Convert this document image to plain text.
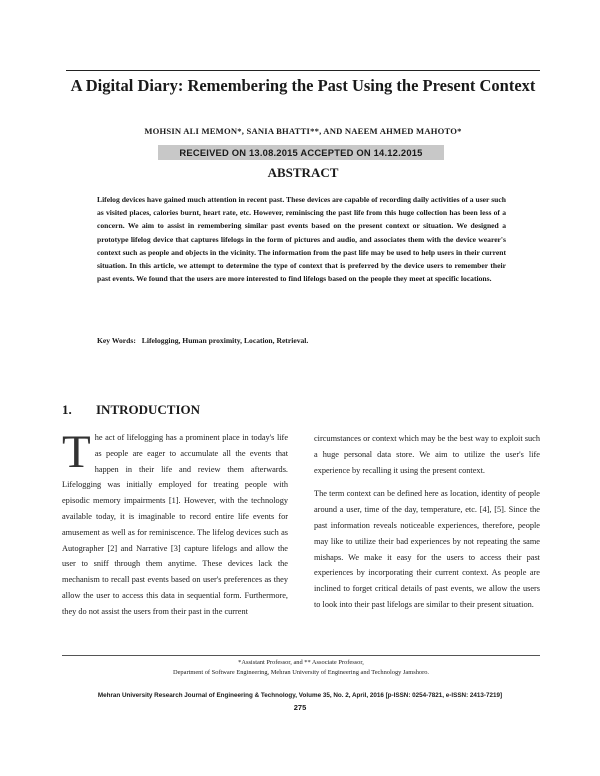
A Digital Diary: Remembering the Past Using the Present Context
MOHSIN ALI MEMON*, SANIA BHATTI**, AND NAEEM AHMED MAHOTO*
RECEIVED ON 13.08.2015 ACCEPTED ON 14.12.2015
ABSTRACT

Lifelog devices have gained much attention in recent past. These devices are capable of recording daily activities of a user such as visited places, calories burnt, heart rate, etc. However, reminiscing the past life from this huge collection has been less of a concern. We aim to assist in remembering similar past events based on the present context or situation. We designed a prototype lifelog device that captures lifelogs in the form of pictures and audio, and associates them with the device wearer's context such as people and objects in the vicinity. The information from the past life may be used to help users in their current situation. In this article, we attempt to determine the type of context that is preferred by the device users to remember their past events. We found that the users are more interested to find lifelogs based on the people they meet at specific locations.

Key Words: Lifelogging, Human proximity, Location, Retrieval.
1. INTRODUCTION

The act of lifelogging has a prominent place in today's life as people are eager to accumulate all the events that happen in their life and review them afterwards. Lifelogging was initially employed for treating people with episodic memory impairments [1]. However, with the technology available today, it is imaginable to record entire life events for amusement as well as for reminiscence. The lifelog devices such as Autographer [2] and Narrative [3] capture lifelogs and allow the user to sniff through them anytime. These devices lack the mechanism to recall past events based on user's preferences as they allow the user to access this data in sequential form. Furthermore, they do not assist the users from their past in the current

circumstances or context which may be the best way to exploit such a huge personal data store. We aim to utilize the user's life experience by recalling it using the present context.

The term context can be defined here as location, identity of people around a user, time of the day, temperature, etc. [4], [5]. Since the past information reveals noticeable experiences, therefore, people may like to utilize their bad experiences by not repeating the same mishaps. We make it easy for the users to access their past experiences by incorporating their current context. As people are inclined to forget critical details of past events, we allow the users to look into their past lifelogs are similar to their present situation.

*Assistant Professor, and ** Associate Professor,
Department of Software Engineering, Mehran University of Engineering and Technology Jamshoro.
Mehran University Research Journal of Engineering & Technology, Volume 35, No. 2, April, 2016 [p-ISSN: 0254-7821, e-ISSN: 2413-7219]
275
